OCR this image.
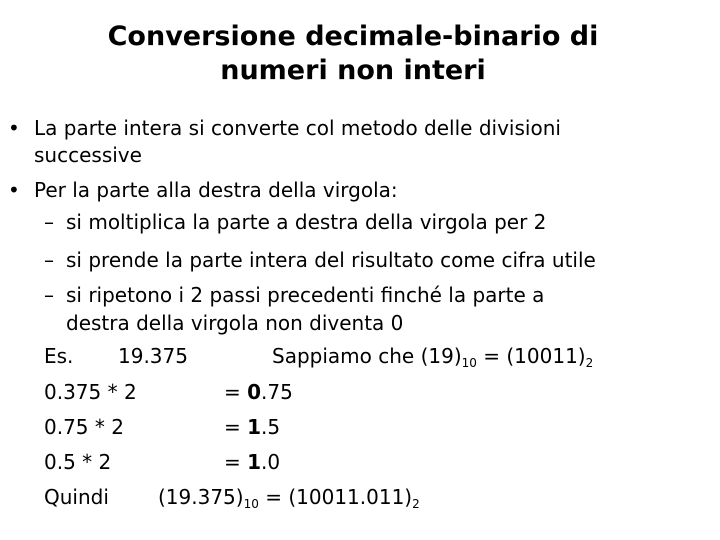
Conversione decimale-binario di
numeri non interi
• La parte intera si converte col metodo delle divisioni
successive
• Per la parte alla destra della virgola:
– si moltiplica la parte a destra della virgola per 2
– si prende la parte intera del risultato come cifra utile
– si ripetono i 2 passi precedenti finché la parte a
destra della virgola non diventa 0
Es. 19.375	Sappiamo che $(19)_{10} = (10011)_2$
0.375 * 2	= 0.75
0.75 * 2	= 1.5
0.5 * 2	= 1.0
Quindi $(19.375)_{10} = (10011.011)_2$
